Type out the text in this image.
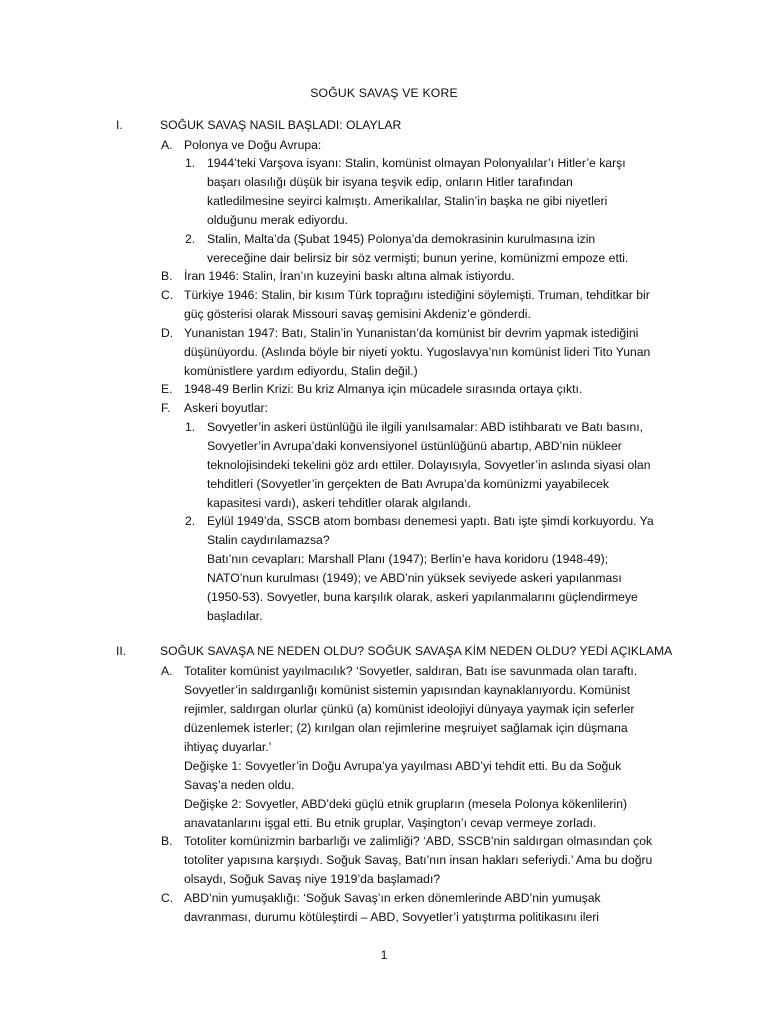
SOĞUK SAVAŞ VE KORE
I.	SOĞUK SAVAŞ NASIL BAŞLADI: OLAYLAR
A. Polonya ve Doğu Avrupa:
1. 1944’teki Varşova isyanı: Stalin, komünist olmayan Polonyalılar’ı Hitler’e karşı başarı olasılığı düşük bir isyana teşvik edip, onların Hitler tarafından katledilmesine seyirci kalmıştı. Amerikalılar, Stalin’in başka ne gibi niyetleri olduğunu merak ediyordu.
2. Stalin, Malta’da (Şubat 1945) Polonya’da demokrasinin kurulmasına izin vereceğine dair belirsiz bir söz vermişti; bunun yerine, komünizmi empoze etti.
B. İran 1946: Stalin, İran’ın kuzeyini baskı altına almak istiyordu.
C. Türkiye 1946: Stalin, bir kısım Türk toprağını istediğini söylemişti. Truman, tehditkar bir güç gösterisi olarak Missouri savaş gemisini Akdeniz’e gönderdi.
D. Yunanistan 1947: Batı, Stalin’in Yunanistan’da komünist bir devrim yapmak istediğini düşünüyordu. (Aslında böyle bir niyeti yoktu. Yugoslavya’nın komünist lideri Tito Yunan komünistlere yardım ediyordu, Stalin değil.)
E. 1948-49 Berlin Krizi: Bu kriz Almanya için mücadele sırasında ortaya çıktı.
F. Askeri boyutlar:
1. Sovyetler’in askeri üstünlüğü ile ilgili yanılsamalar: ABD istihbaratı ve Batı basını, Sovyetler’in Avrupa’daki konvensiyonel üstünlüğünü abartıp, ABD’nin nükleer teknolojisindeki tekelini göz ardı ettiler. Dolayısıyla, Sovyetler’in aslında siyasi olan tehditleri (Sovyetler’in gerçekten de Batı Avrupa’da komünizmi yayabilecek kapasitesi vardı), askeri tehditler olarak algılandı.
2. Eylül 1949’da, SSCB atom bombası denemesi yaptı. Batı işte şimdi korkuyordu. Ya Stalin caydırılamazsa?

Batı’nın cevapları: Marshall Planı (1947); Berlin’e hava koridoru (1948-49); NATO’nun kurulması (1949); ve ABD’nin yüksek seviyede askeri yapılanması (1950-53). Sovyetler, buna karşılık olarak, askeri yapılanmalarını güçlendirmeye başladılar.

II.	SOĞUK SAVAŞA NE NEDEN OLDU? SOĞUK SAVAŞA KİM NEDEN OLDU? YEDİ AÇIKLAMA
A. Totaliter komünist yayılmacılık? ‘Sovyetler, saldıran, Batı ise savunmada olan taraftı. Sovyetler’in saldırganlığı komünist sistemin yapısından kaynaklanıyordu. Komünist rejimler, saldırgan olurlar çünkü (a) komünist ideolojiyi dünyaya yaymak için seferler düzenlemek isterler; (2) kırılgan olan rejimlerine meşruiyet sağlamak için düşmana ihtiyaç duyarlar.’

Değişke 1: Sovyetler’in Doğu Avrupa’ya yayılması ABD’yi tehdit etti. Bu da Soğuk Savaş’a neden oldu.

Değişke 2: Sovyetler, ABD’deki güçlü etnik grupların (mesela Polonya kökenlilerin) anavatanlarını işgal etti. Bu etnik gruplar, Vaşington’ı cevap vermeye zorladı.

B. Totoliter komünizmin barbarlığı ve zalimliği? ‘ABD, SSCB’nin saldırgan olmasından çok totoliter yapısına karşıydı. Soğuk Savaş, Batı’nın insan hakları seferiydi.’ Ama bu doğru olsaydı, Soğuk Savaş niye 1919’da başlamadı?
C. ABD’nin yumuşaklığı: ‘Soğuk Savaş’ın erken dönemlerinde ABD’nin yumuşak davranması, durumu kötüleştirdi – ABD, Sovyetler’i yatıştırma politikasını ileri
1
